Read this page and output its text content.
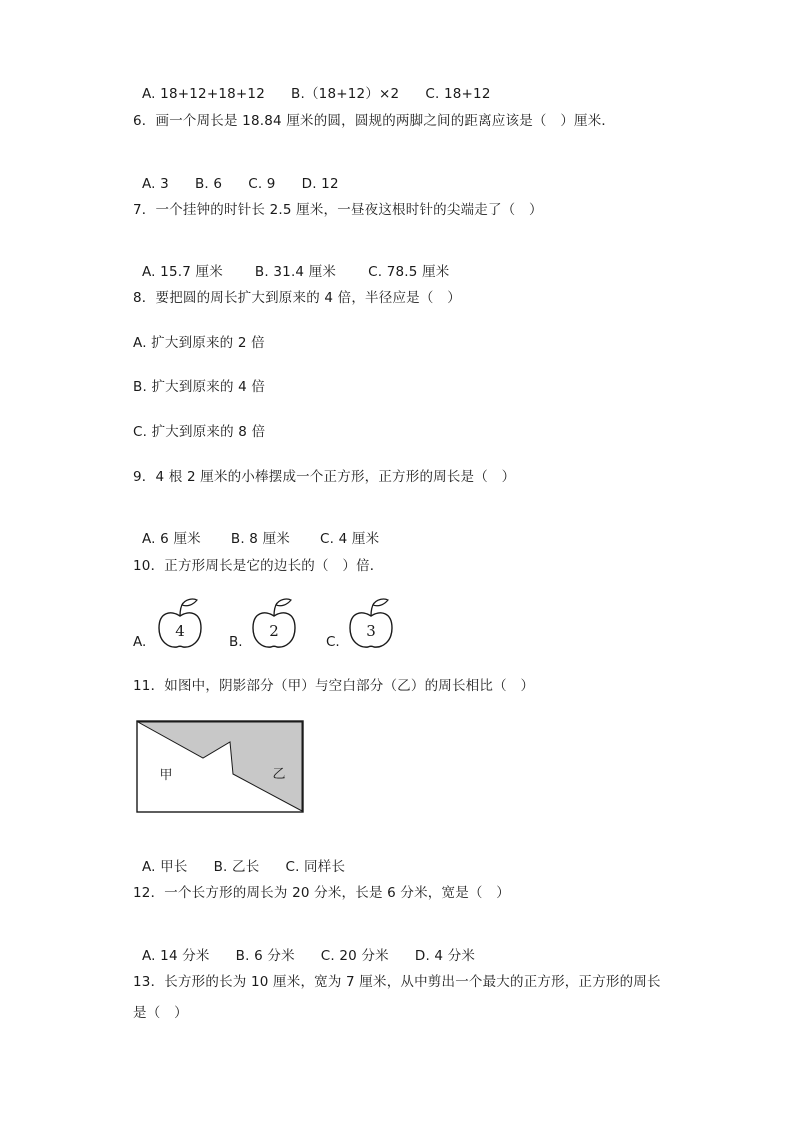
A. 18+12+18+12 B.（18+12）×2 C. 18+12

6．画一个周长是 18.84 厘米的圆，圆规的两脚之间的距离应该是（　）厘米．

A. 3 B. 6 C. 9 D. 12

7．一个挂钟的时针长 2.5 厘米，一昼夜这根时针的尖端走了（　）

A. 15.7 厘米 B. 31.4 厘米 C. 78.5 厘米

8．要把圆的周长扩大到原来的 4 倍，半径应是（　）
A. 扩大到原来的 2 倍
B. 扩大到原来的 4 倍
C. 扩大到原来的 8 倍
9．4 根 2 厘米的小棒摆成一个正方形，正方形的周长是（　）

A. 6 厘米 B. 8 厘米 C. 4 厘米

10．正方形周长是它的边长的（　）倍．
A.
4
B.
2
C.
3
11．如图中，阴影部分（甲）与空白部分（乙）的周长相比（　）
甲	乙

A. 甲长 B. 乙长 C. 同样长

12．一个长方形的周长为 20 分米，长是 6 分米，宽是（　）

A. 14 分米 B. 6 分米 C. 20 分米 D. 4 分米

13．长方形的长为 10 厘米，宽为 7 厘米，从中剪出一个最大的正方形，正方形的周长
是（　）
